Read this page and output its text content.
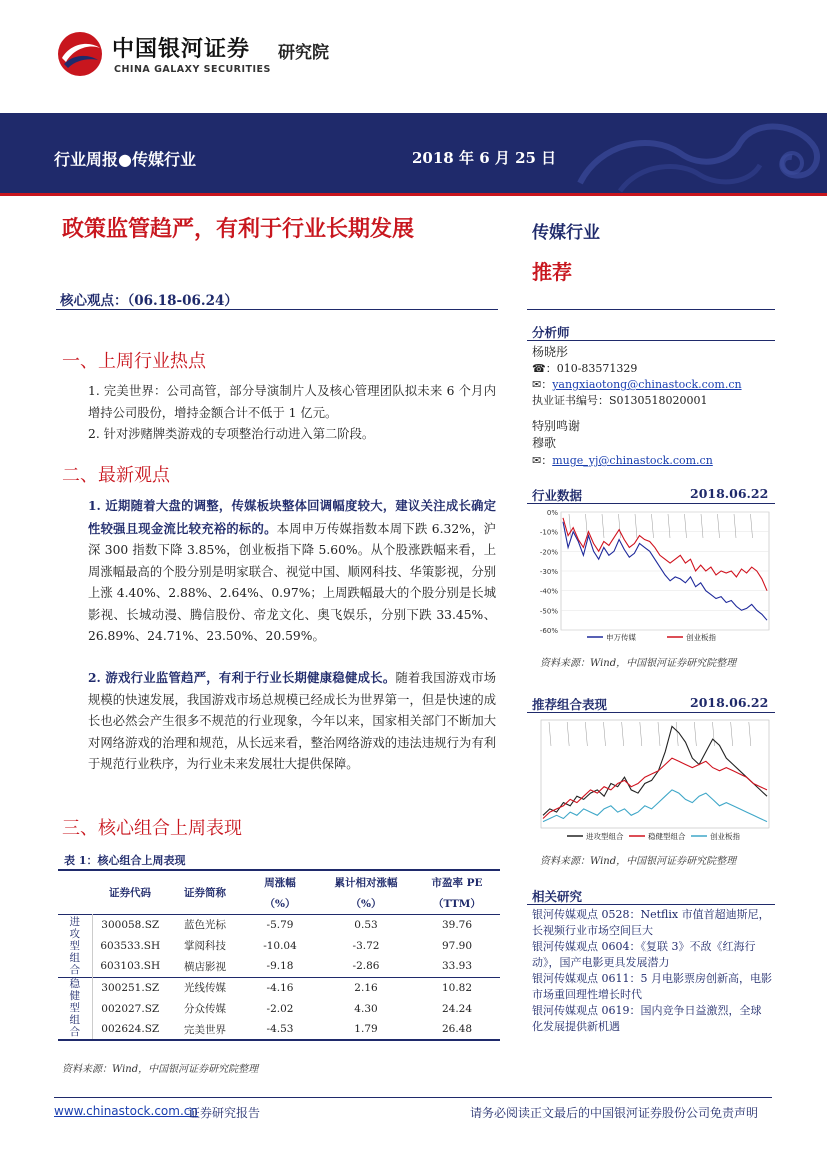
中国银河证券 研究院
CHINA GALAXY SECURITIES
行业周报●传媒行业	2018 年 6 月 25 日
政策监管趋严，有利于行业长期发展	传媒行业
推荐
核心观点：（06.18-06.24）
一、上周行业热点
1. 完美世界：公司高管，部分导演制片人及核心管理团队拟未来 6 个月内增持公司股份，增持金额合计不低于 1 亿元。
2. 针对涉赌牌类游戏的专项整治行动进入第二阶段。
二、最新观点
1. 近期随着大盘的调整，传媒板块整体回调幅度较大，建议关注成长确定性较强且现金流比较充裕的标的。本周申万传媒指数本周下跌 6.32%，沪深 300 指数下降 3.85%，创业板指下降 5.60%。从个股涨跌幅来看，上周涨幅最高的个股分别是明家联合、视觉中国、顺网科技、华策影视，分别上涨 4.40%、2.88%、2.64%、0.97%；上周跌幅最大的个股分别是长城影视、长城动漫、腾信股份、帝龙文化、奥飞娱乐，分别下跌 33.45%、26.89%、24.71%、23.50%、20.59%。
2. 游戏行业监管趋严，有利于行业长期健康稳健成长。随着我国游戏市场规模的快速发展，我国游戏市场总规模已经成长为世界第一，但是快速的成长也必然会产生很多不规范的行业现象，今年以来，国家相关部门不断加大对网络游戏的治理和规范，从长远来看，整治网络游戏的违法违规行为有利于规范行业秩序，为行业未来发展壮大提供保障。
三、核心组合上周表现
表 1：核心组合上周表现
	证券代码	证券简称	周涨幅	累计相对涨幅	市盈率 PE
			（%）	（%）	（TTM）

进攻型组合	300058.SZ	蓝色光标	-5.79	0.53	39.76
	603533.SH	掌阅科技	-10.04	-3.72	97.90
	603103.SH	横店影视	-9.18	-2.86	33.93

稳健型组合	300251.SZ	光线传媒	-4.16	2.16	10.82
	002027.SZ	分众传媒	-2.02	4.30	24.24
	002624.SZ	完美世界	-4.53	1.79	26.48
资料来源：Wind，中国银河证券研究院整理
分析师
杨晓彤
☎：010-83571329
✉：yangxiaotong@chinastock.com.cn
执业证书编号：S0130518020001
特别鸣谢
穆歌
✉：muge_yj@chinastock.com.cn
行业数据	2018.06.22
0%
-10%
-20%
-30%
-40%
-50%
-60%
申万传媒	创业板指
资料来源：Wind，中国银河证券研究院整理
推荐组合表现	2018.06.22
进攻型组合	稳健型组合	创业板指
资料来源：Wind，中国银河证券研究院整理
相关研究
银河传媒观点 0528：Netflix 市值首超迪斯尼，长视频行业市场空间巨大
银河传媒观点 0604：《复联 3》不敌《红海行动》，国产电影更具发展潜力
银河传媒观点 0611：5 月电影票房创新高，电影市场重回理性增长时代
银河传媒观点 0619：国内竞争日益激烈，全球化发展提供新机遇
www.chinastock.com.cn
证券研究报告	请务必阅读正文最后的中国银河证券股份公司免责声明
